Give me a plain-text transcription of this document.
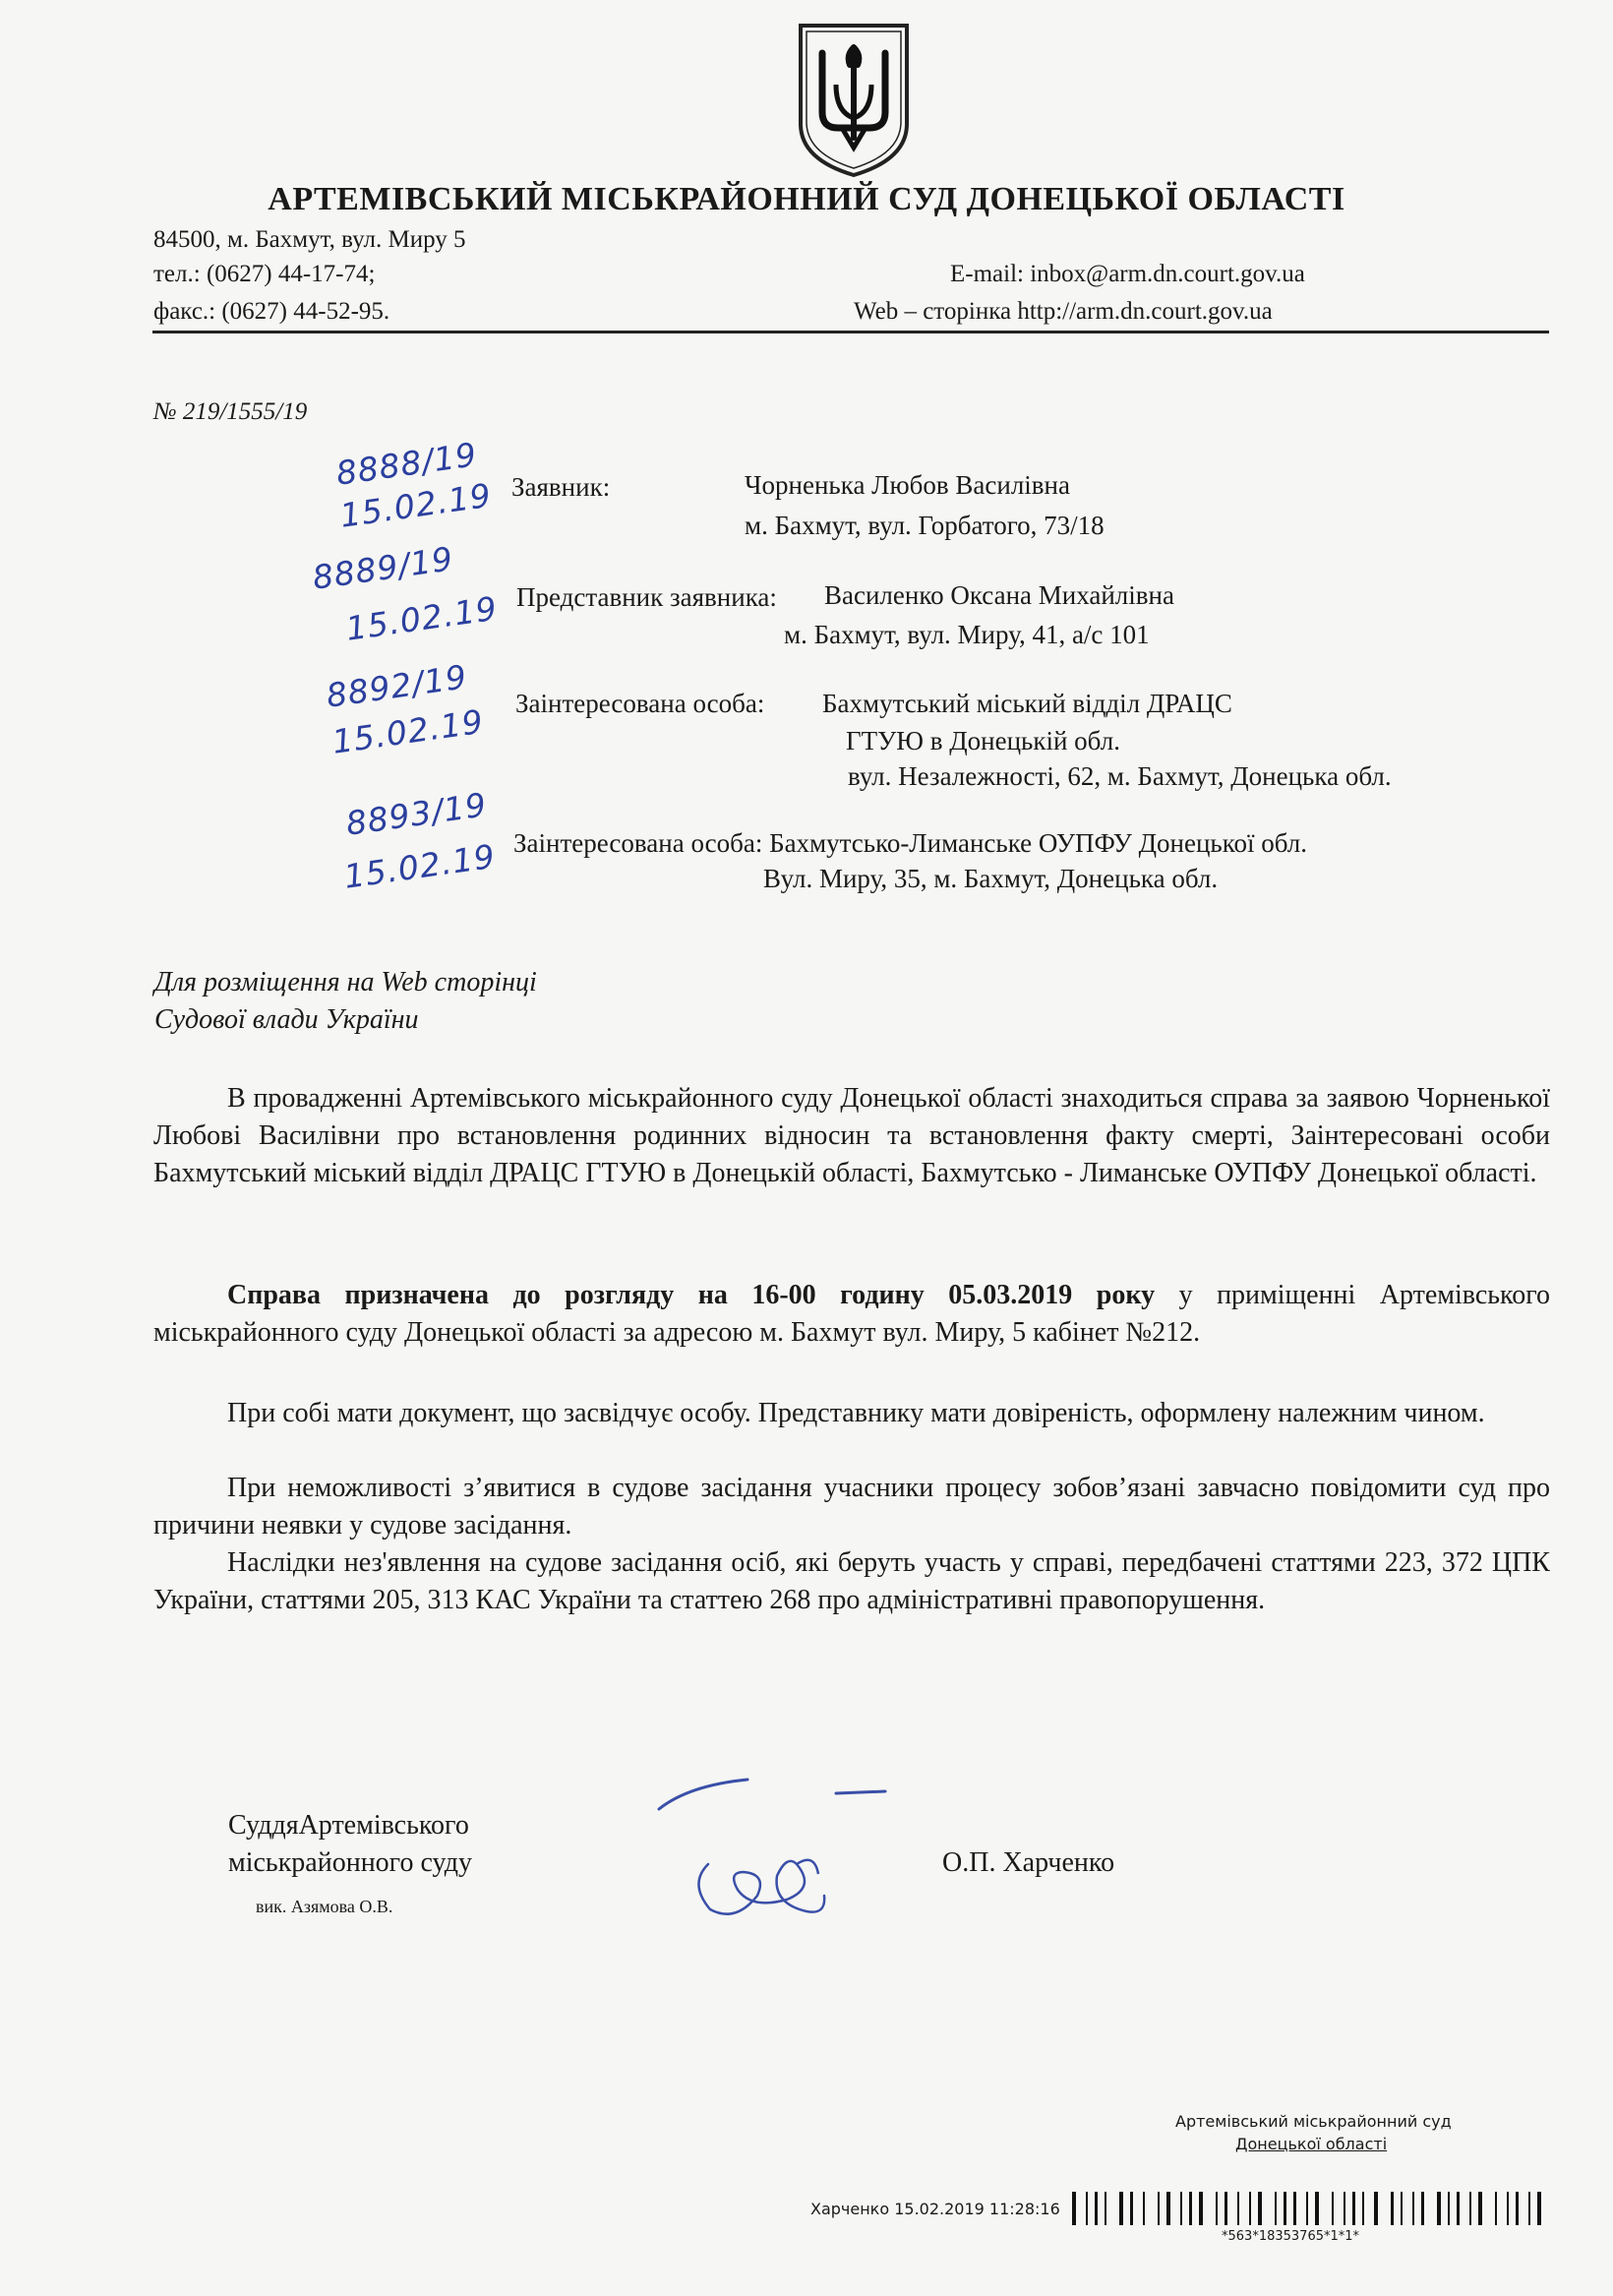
АРТЕМІВСЬКИЙ МІСЬКРАЙОННИЙ СУД ДОНЕЦЬКОЇ ОБЛАСТІ
84500, м. Бахмут, вул. Миру 5
тел.: (0627) 44-17-74;
факс.: (0627) 44-52-95.
E-mail: inbox@arm.dn.court.gov.ua
Web – сторінка http://arm.dn.court.gov.ua
№ 219/1555/19
8888/19
15.02.19
8889/19
15.02.19
8892/19
15.02.19
8893/19
15.02.19
Заявник:	Чорненька Любов Василівна
м. Бахмут, вул. Горбатого, 73/18
Представник заявника: Василенко Оксана Михайлівна
м. Бахмут, вул. Миру, 41, а/с 101
Заінтересована особа: Бахмутський міський відділ ДРАЦС
ГТУЮ в Донецькій обл.
вул. Незалежності, 62, м. Бахмут, Донецька обл.
Заінтересована особа: Бахмутсько-Лиманське ОУПФУ Донецької обл.
Вул. Миру, 35, м. Бахмут, Донецька обл.
Для розміщення на Web сторінці
Судової влади України

В провадженні Артемівського міськрайонного суду Донецької області знаходиться справа за заявою Чорненької Любові Василівни про встановлення родинних відносин та встановлення факту смерті, Заінтересовані особи Бахмутський міський відділ ДРАЦС ГТУЮ в Донецькій області, Бахмутсько - Лиманське ОУПФУ Донецької області.

Справа призначена до розгляду на 16-00 годину 05.03.2019 року у приміщенні Артемівського міськрайонного суду Донецької області за адресою м. Бахмут вул. Миру, 5 кабінет №212.

При собі мати документ, що засвідчує особу. Представнику мати довіреність, оформлену належним чином.

При неможливості з’явитися в судове засідання учасники процесу зобов’язані завчасно повідомити суд про причини неявки у судове засідання.

Наслідки нез'явлення на судове засідання осіб, які беруть участь у справі, передбачені статтями 223, 372 ЦПК України, статтями 205, 313 КАС України та статтею 268 про адміністративні правопорушення.

СуддяАртемівського
міськрайонного суду
вик. Азямова О.В.
О.П. Харченко
Артемівський міськрайонний суд
Донецької області
Харченко 15.02.2019 11:28:16
*563*18353765*1*1*
